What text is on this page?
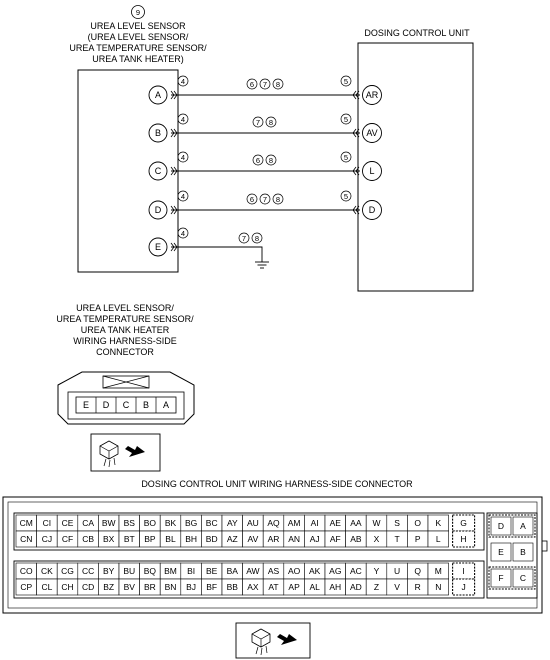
9
UREA LEVEL SENSOR
(UREA LEVEL SENSOR/
UREA TEMPERATURE SENSOR/
UREA TANK HEATER)
DOSING CONTROL UNIT
A
4	6 7 8	5
AR
B
4	7 8	5
AV
C
4	6 8	5
L
D
4	6 7 8	5
D
E
4
7 8
UREA LEVEL SENSOR/
UREA TEMPERATURE SENSOR/
UREA TANK HEATER
WIRING HARNESS-SIDE
CONNECTOR
E D C B A
DOSING CONTROL UNIT WIRING HARNESS-SIDE CONNECTOR
CM CI CE CA BW BS BO BK BG BC AY AU AQ AM AI AE AA W S O K G
CN CJ CF CB BX BT BP BL BH BD AZ AV AR AN AJ AF AB X T P L H
CO CK CG CC BY BU BQ BM BI BE BA AW AS AO AK AG AC Y U Q M I
CP CL CH CD BZ BV BR BN BJ BF BB AX AT AP AL AH AD Z V R N J
D A
E B
F C
